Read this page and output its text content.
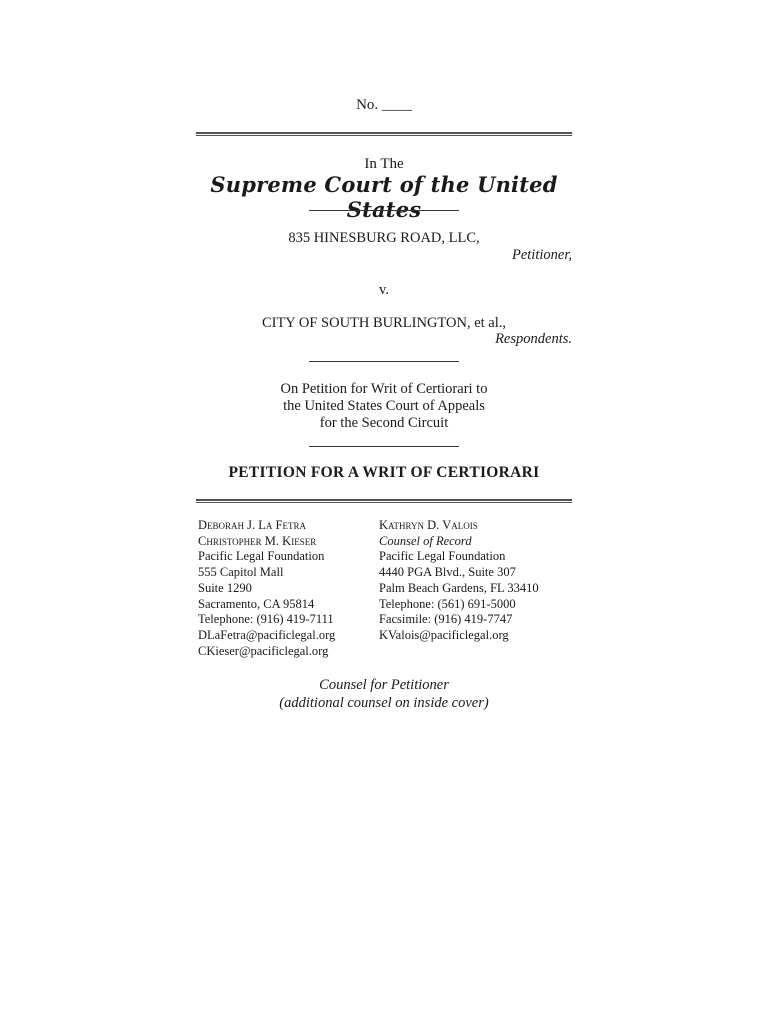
No. ____
In The
Supreme Court of the United States
835 HINESBURG ROAD, LLC,
Petitioner,
v.
CITY OF SOUTH BURLINGTON, et al.,
Respondents.
On Petition for Writ of Certiorari to
the United States Court of Appeals
for the Second Circuit
PETITION FOR A WRIT OF CERTIORARI
Deborah J. La Fetra
Christopher M. Kieser
Pacific Legal Foundation
555 Capitol Mall
Suite 1290
Sacramento, CA 95814
Telephone: (916) 419-7111
DLaFetra@pacificlegal.org
CKieser@pacificlegal.org
Kathryn D. Valois
Counsel of Record
Pacific Legal Foundation
4440 PGA Blvd., Suite 307
Palm Beach Gardens, FL 33410
Telephone: (561) 691-5000
Facsimile: (916) 419-7747
KValois@pacificlegal.org
Counsel for Petitioner
(additional counsel on inside cover)
